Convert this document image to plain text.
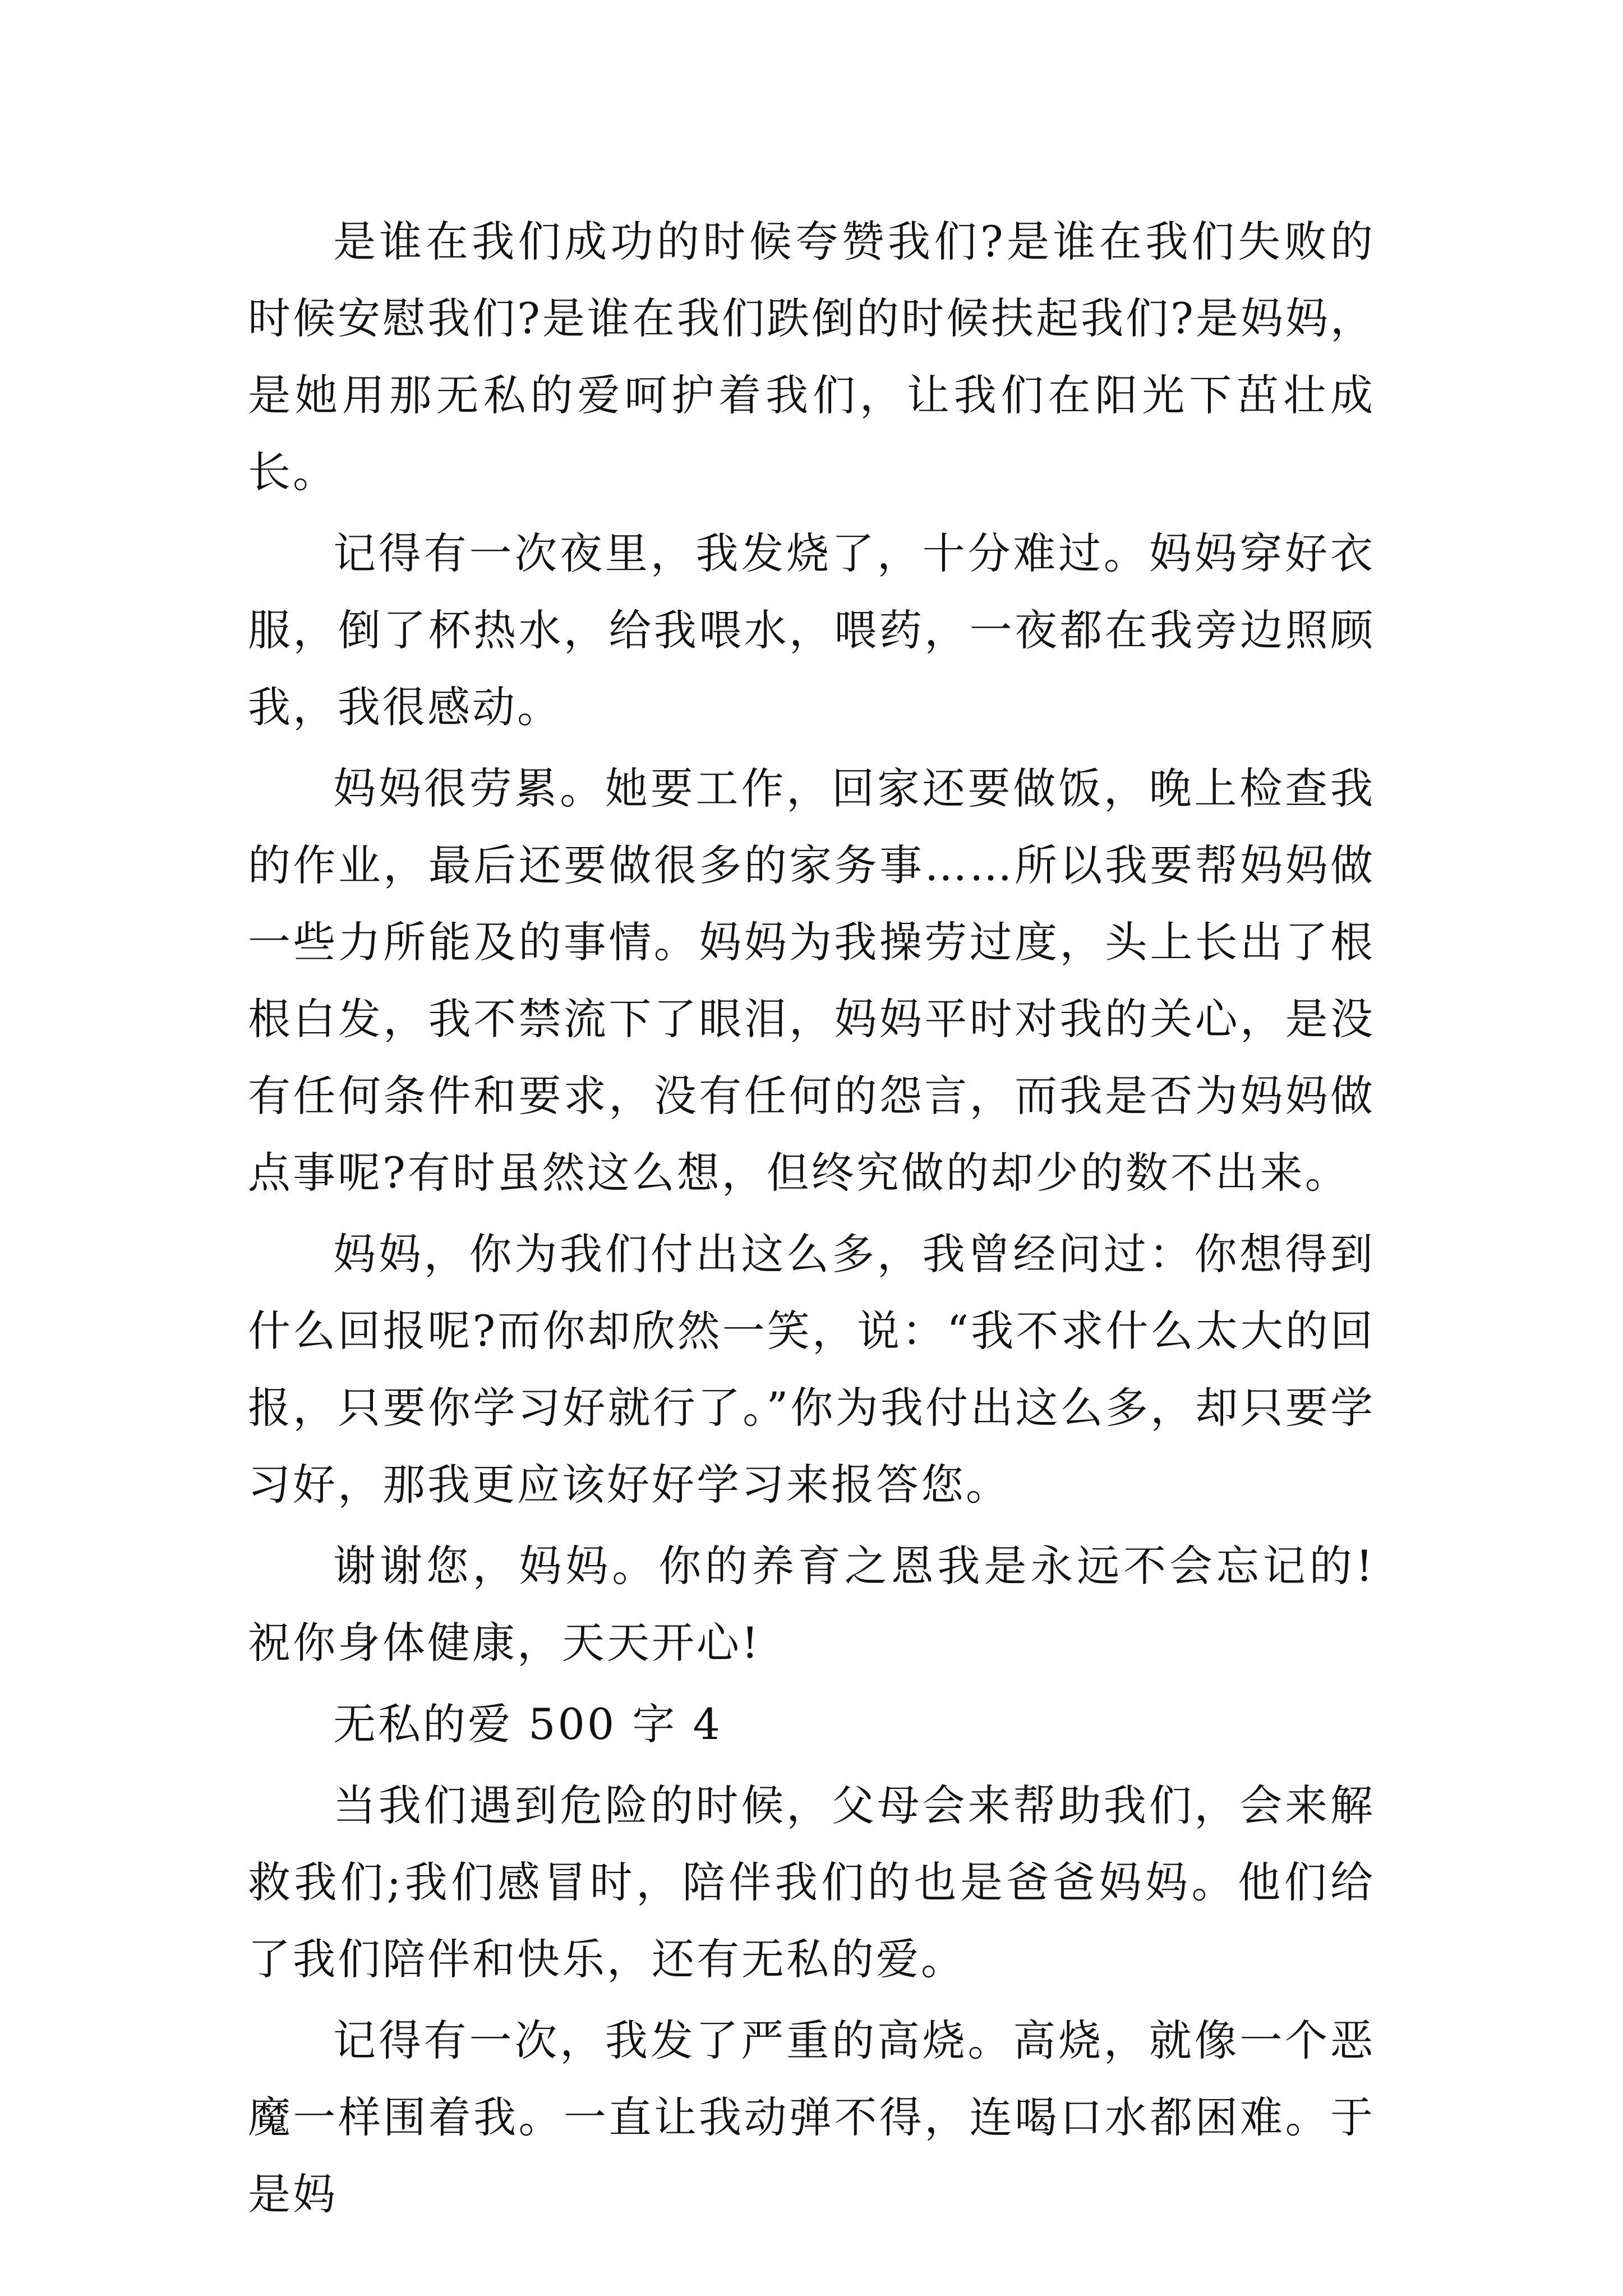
是谁在我们成功的时候夸赞我们?是谁在我们失败的时候安慰我们?是谁在我们跌倒的时候扶起我们?是妈妈，是她用那无私的爱呵护着我们，让我们在阳光下茁壮成长。

记得有一次夜里，我发烧了，十分难过。妈妈穿好衣服，倒了杯热水，给我喂水，喂药，一夜都在我旁边照顾我，我很感动。

妈妈很劳累。她要工作，回家还要做饭，晚上检查我的作业，最后还要做很多的家务事……所以我要帮妈妈做一些力所能及的事情。妈妈为我操劳过度，头上长出了根根白发，我不禁流下了眼泪，妈妈平时对我的关心，是没有任何条件和要求，没有任何的怨言，而我是否为妈妈做点事呢?有时虽然这么想，但终究做的却少的数不出来。

妈妈，你为我们付出这么多，我曾经问过：你想得到什么回报呢?而你却欣然一笑，说：“我不求什么太大的回报，只要你学习好就行了。”你为我付出这么多，却只要学习好，那我更应该好好学习来报答您。

谢谢您，妈妈。你的养育之恩我是永远不会忘记的!祝你身体健康，天天开心!

无私的爱 500 字 4

当我们遇到危险的时候，父母会来帮助我们，会来解救我们;我们感冒时，陪伴我们的也是爸爸妈妈。他们给了我们陪伴和快乐，还有无私的爱。

记得有一次，我发了严重的高烧。高烧，就像一个恶魔一样围着我。一直让我动弹不得，连喝口水都困难。于是妈
